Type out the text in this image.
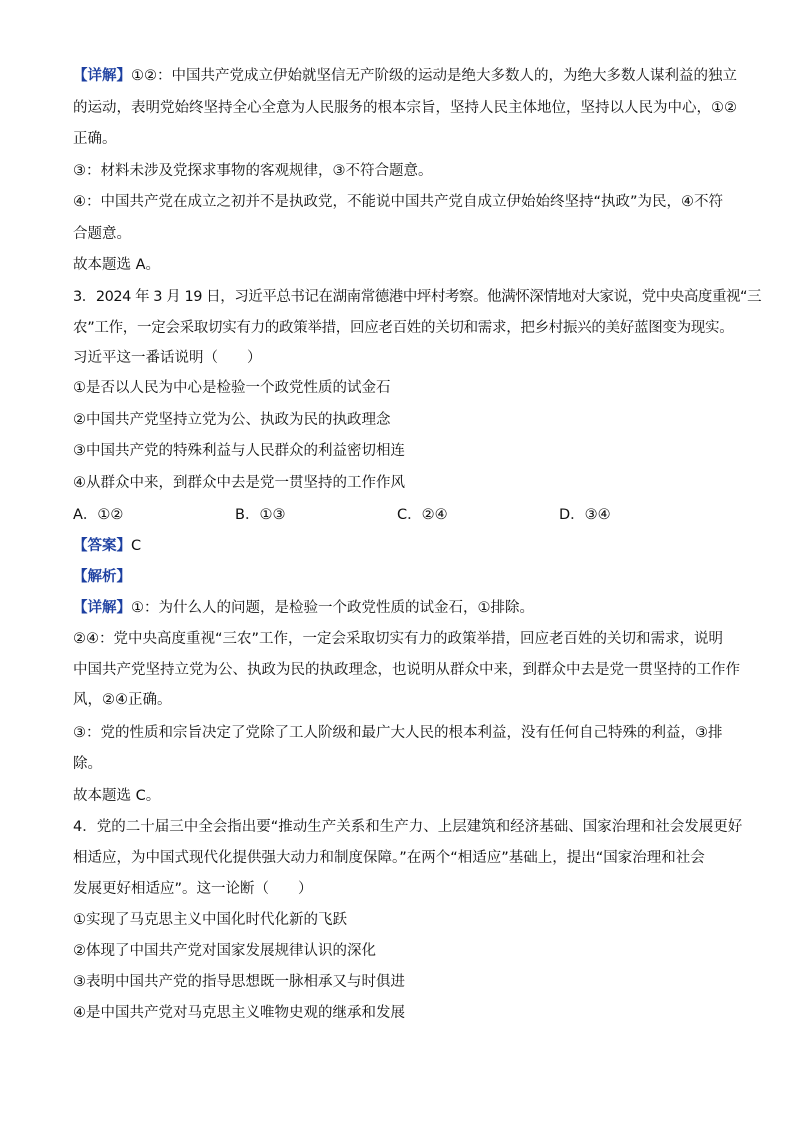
【详解】①②：中国共产党成立伊始就坚信无产阶级的运动是绝大多数人的，为绝大多数人谋利益的独立
的运动，表明党始终坚持全心全意为人民服务的根本宗旨，坚持人民主体地位，坚持以人民为中心，①②
正确。
③：材料未涉及党探求事物的客观规律，③不符合题意。
④：中国共产党在成立之初并不是执政党，不能说中国共产党自成立伊始始终坚持“执政”为民，④不符
合题意。
故本题选 A。
3．2024 年 3 月 19 日，习近平总书记在湖南常德港中坪村考察。他满怀深情地对大家说，党中央高度重视“三
农”工作，一定会采取切实有力的政策举措，回应老百姓的关切和需求，把乡村振兴的美好蓝图变为现实。
习近平这一番话说明（　　）
①是否以人民为中心是检验一个政党性质的试金石
②中国共产党坚持立党为公、执政为民的执政理念
③中国共产党的特殊利益与人民群众的利益密切相连
④从群众中来，到群众中去是党一贯坚持的工作作风
A．①②	B．①③	C．②④	D．③④
【答案】C
【解析】
【详解】①：为什么人的问题，是检验一个政党性质的试金石，①排除。
②④：党中央高度重视“三农”工作，一定会采取切实有力的政策举措，回应老百姓的关切和需求，说明
中国共产党坚持立党为公、执政为民的执政理念，也说明从群众中来，到群众中去是党一贯坚持的工作作
风，②④正确。
③：党的性质和宗旨决定了党除了工人阶级和最广大人民的根本利益，没有任何自己特殊的利益，③排
除。
故本题选 C。
4．党的二十届三中全会指出要“推动生产关系和生产力、上层建筑和经济基础、国家治理和社会发展更好
相适应，为中国式现代化提供强大动力和制度保障。”在两个“相适应”基础上，提出“国家治理和社会
发展更好相适应”。这一论断（　　）
①实现了马克思主义中国化时代化新的飞跃
②体现了中国共产党对国家发展规律认识的深化
③表明中国共产党的指导思想既一脉相承又与时俱进
④是中国共产党对马克思主义唯物史观的继承和发展
